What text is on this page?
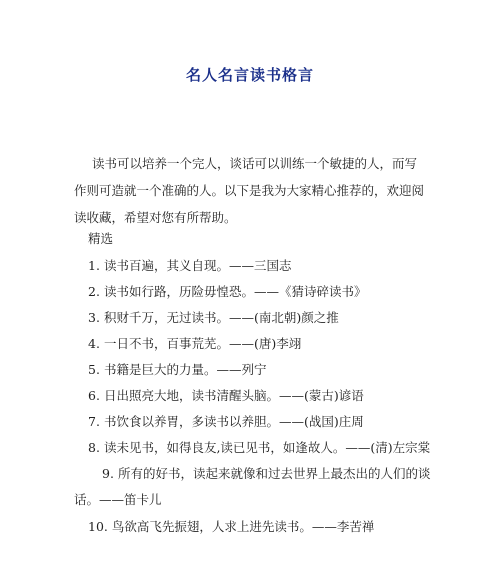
名人名言读书格言

读书可以培养一个完人，谈话可以训练一个敏捷的人，而写作则可造就一个准确的人。以下是我为大家精心推荐的，欢迎阅读收藏，希望对您有所帮助。

精选
1. 读书百遍，其义自现。——三国志
2. 读书如行路，历险毋惶恐。——《猜诗碎读书》
3. 积财千万，无过读书。——(南北朝)颜之推
4. 一日不书，百事荒芜。——(唐)李翊
5. 书籍是巨大的力量。——列宁
6. 日出照亮大地，读书清醒头脑。——(蒙古)谚语
7. 书饮食以养胃，多读书以养胆。——(战国)庄周
8. 读未见书，如得良友,读已见书，如逢故人。——(清)左宗棠
9. 所有的好书，读起来就像和过去世界上最杰出的人们的谈话。——笛卡儿
10. 鸟欲高飞先振翅，人求上进先读书。——李苦禅
